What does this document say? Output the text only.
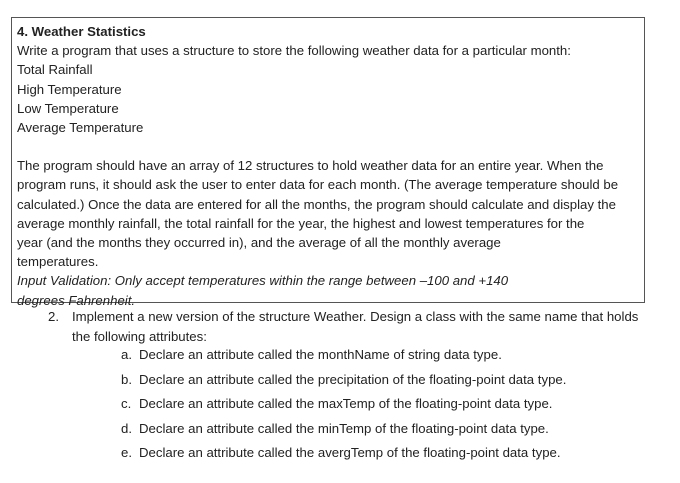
4. Weather Statistics
Write a program that uses a structure to store the following weather data for a particular month:
Total Rainfall
High Temperature
Low Temperature
Average Temperature
The program should have an array of 12 structures to hold weather data for an entire year. When the
program runs, it should ask the user to enter data for each month. (The average temperature should be
calculated.) Once the data are entered for all the months, the program should calculate and display the
average monthly rainfall, the total rainfall for the year, the highest and lowest temperatures for the
year (and the months they occurred in), and the average of all the monthly average
temperatures.
Input Validation: Only accept temperatures within the range between –100 and +140
degrees Fahrenheit.
2. Implement a new version of the structure Weather. Design a class with the same name that holds
the following attributes:
a. Declare an attribute called the monthName of string data type.
b. Declare an attribute called the precipitation of the floating-point data type.
c. Declare an attribute called the maxTemp of the floating-point data type.
d. Declare an attribute called the minTemp of the floating-point data type.
e. Declare an attribute called the avergTemp of the floating-point data type.
